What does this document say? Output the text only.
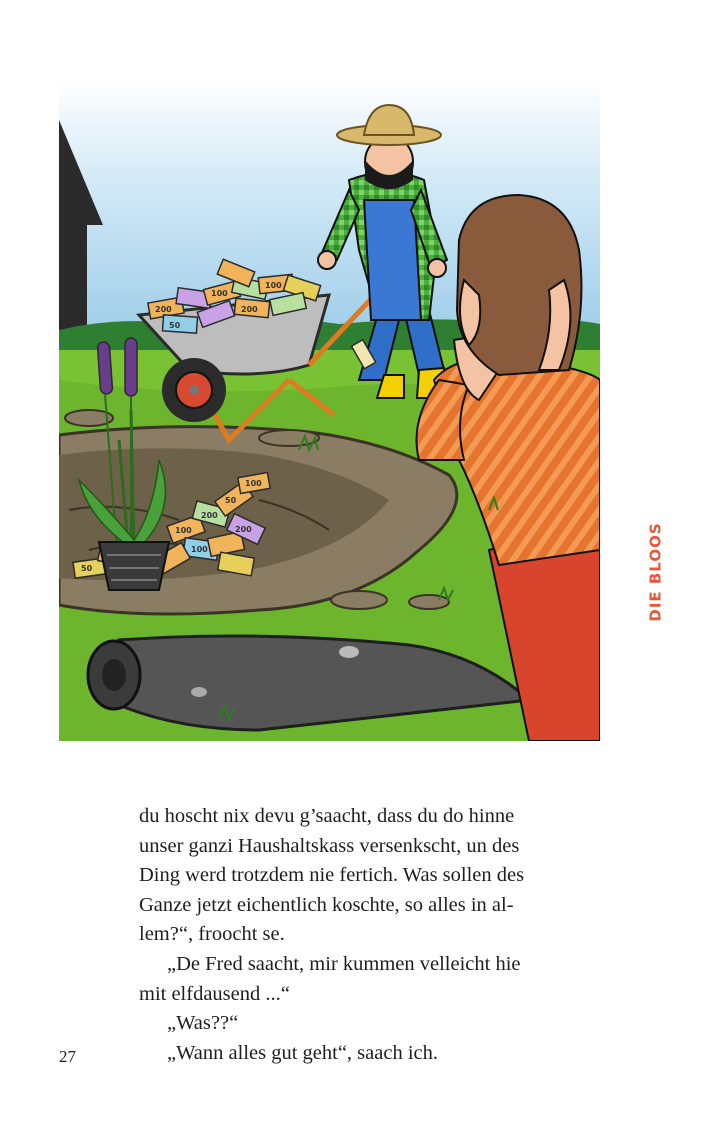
100
200
50
100
200
100
50
200
100
100
200
50
DIE BLOOS
du hoscht nix devu g’saacht, dass du do hinne
unser ganzi Haushaltskass versenkscht, un des
Ding werd trotzdem nie fertich. Was sollen des
Ganze jetzt eichentlich koschte, so alles in al-
lem?“, froocht se.
„De Fred saacht, mir kummen velleicht hie
mit elfdausend ...“
„Was??“
„Wann alles gut geht“, saach ich.
27
